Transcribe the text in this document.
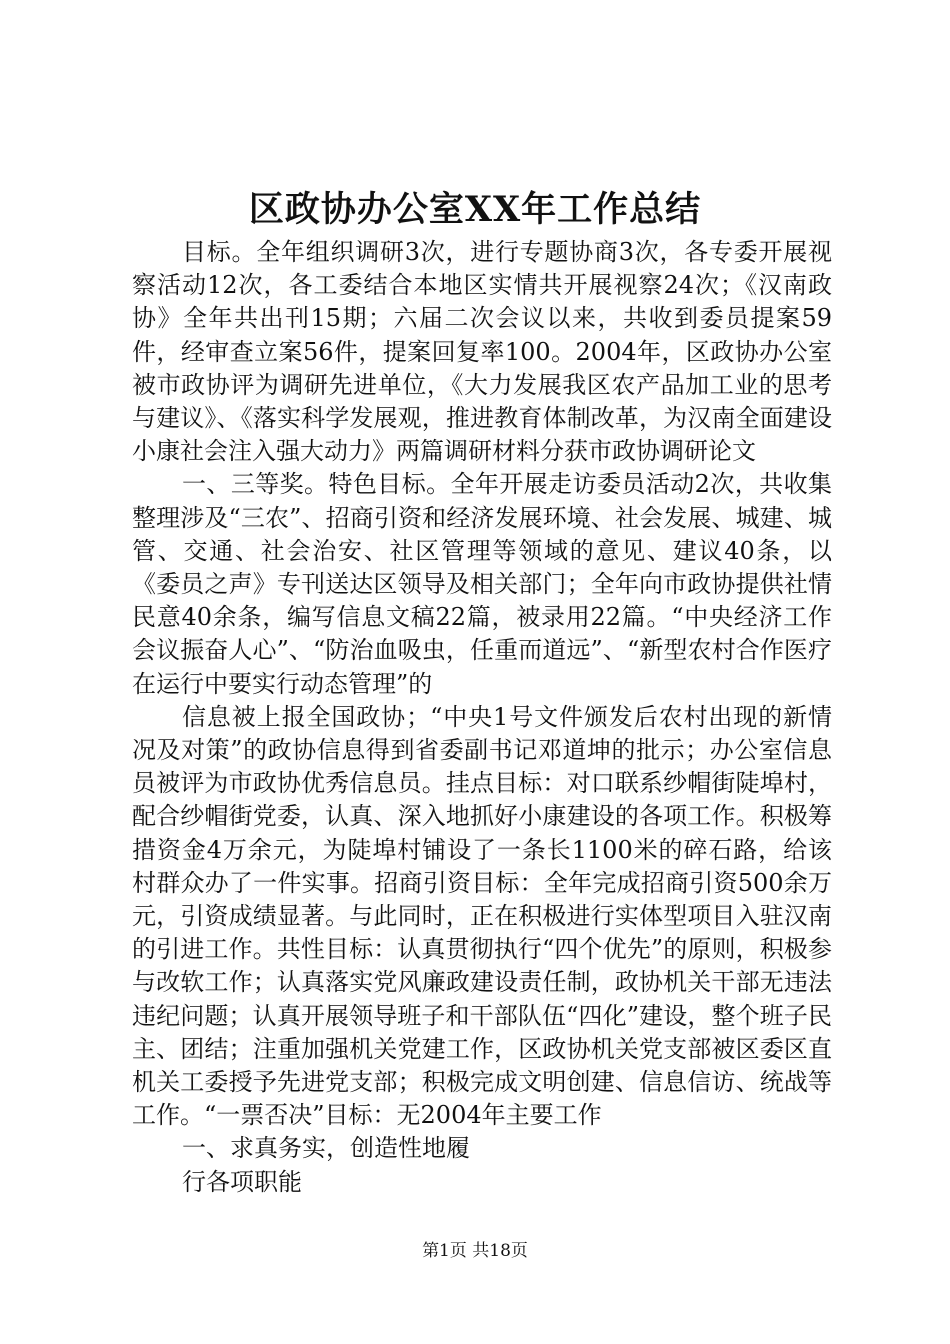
区政协办公室XX年工作总结

目标。全年组织调研3次，进行专题协商3次，各专委开展视察活动12次，各工委结合本地区实情共开展视察24次；《汉南政协》全年共出刊15期；六届二次会议以来，共收到委员提案59件，经审查立案56件，提案回复率100。2004年，区政协办公室被市政协评为调研先进单位，《大力发展我区农产品加工业的思考与建议》、《落实科学发展观，推进教育体制改革，为汉南全面建设小康社会注入强大动力》两篇调研材料分获市政协调研论文

一、三等奖。特色目标。全年开展走访委员活动2次，共收集整理涉及“三农”、招商引资和经济发展环境、社会发展、城建、城管、交通、社会治安、社区管理等领域的意见、建议40条，以《委员之声》专刊送达区领导及相关部门；全年向市政协提供社情民意40余条，编写信息文稿22篇，被录用22篇。“中央经济工作会议振奋人心”、“防治血吸虫，任重而道远”、“新型农村合作医疗在运行中要实行动态管理”的

信息被上报全国政协；“中央1号文件颁发后农村出现的新情况及对策”的政协信息得到省委副书记邓道坤的批示；办公室信息员被评为市政协优秀信息员。挂点目标：对口联系纱帽街陡埠村，配合纱帽街党委，认真、深入地抓好小康建设的各项工作。积极筹措资金4万余元，为陡埠村铺设了一条长1100米的碎石路，给该村群众办了一件实事。招商引资目标：全年完成招商引资500余万元，引资成绩显著。与此同时，正在积极进行实体型项目入驻汉南的引进工作。共性目标：认真贯彻执行“四个优先”的原则，积极参与改软工作；认真落实党风廉政建设责任制，政协机关干部无违法违纪问题；认真开展领导班子和干部队伍“四化”建设，整个班子民主、团结；注重加强机关党建工作，区政协机关党支部被区委区直机关工委授予先进党支部；积极完成文明创建、信息信访、统战等工作。“一票否决”目标：无2004年主要工作

一、求真务实，创造性地履

行各项职能

第1页 共18页
